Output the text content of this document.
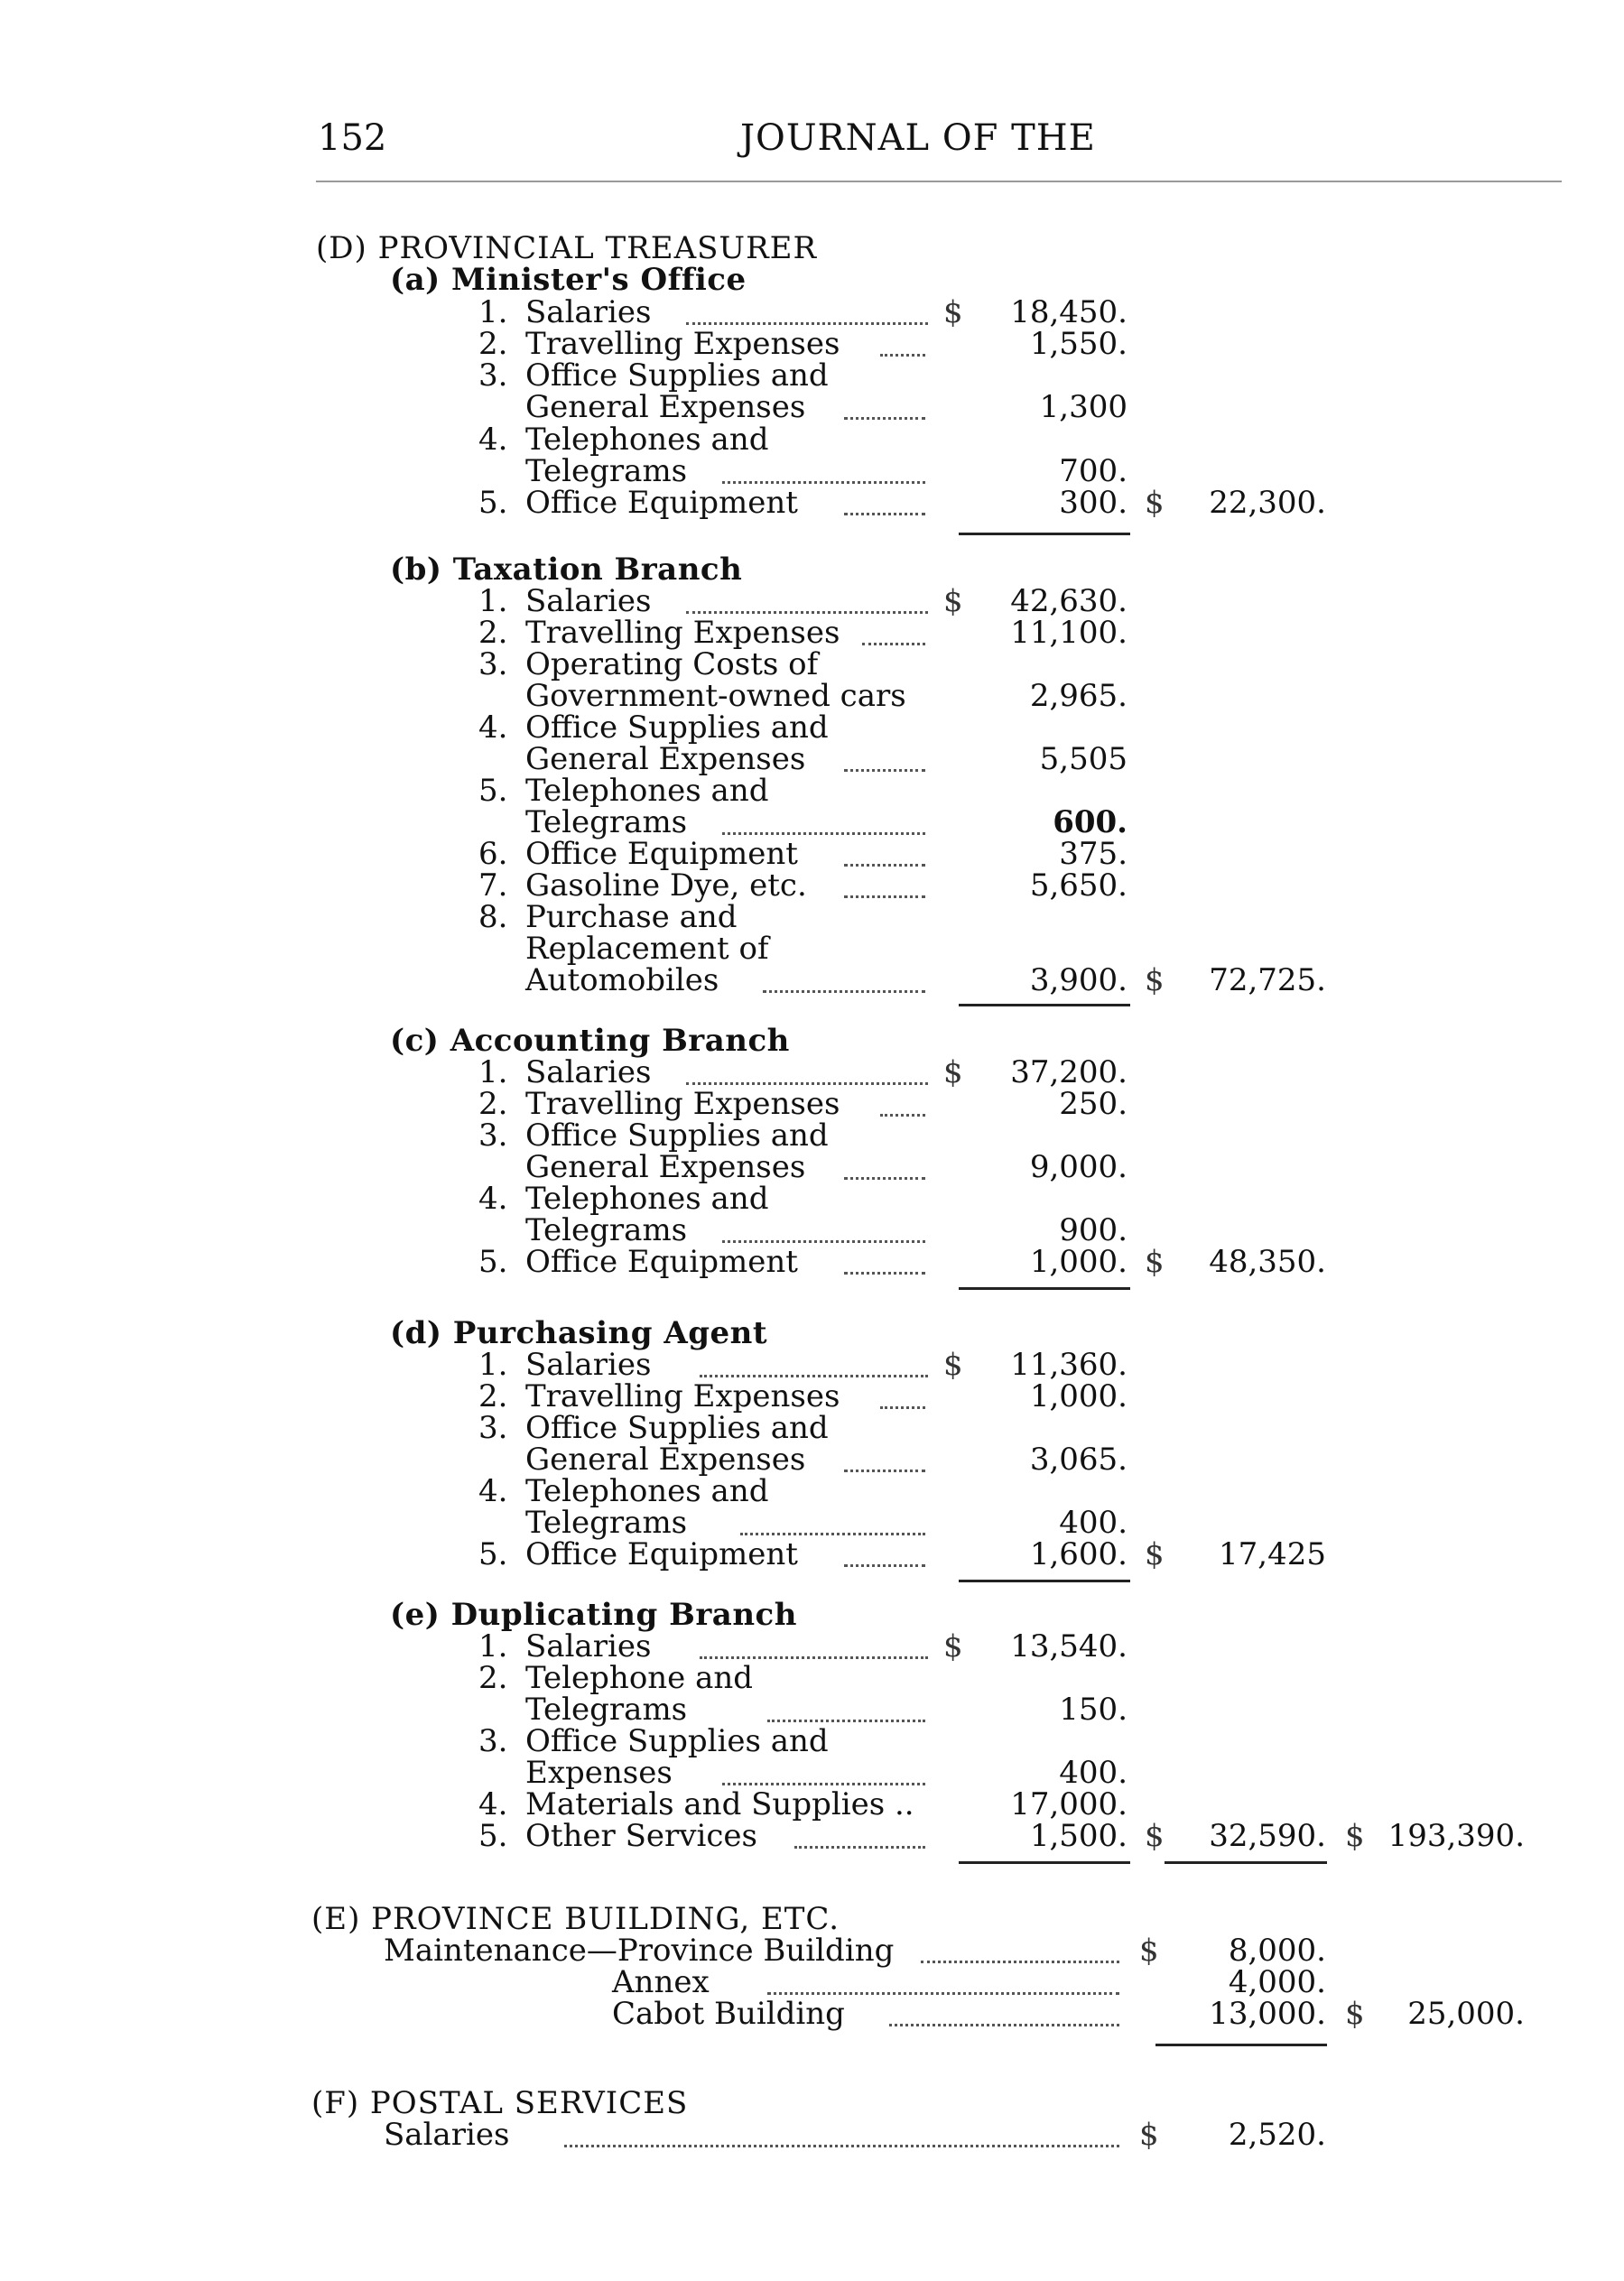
152	JOURNAL OF THE
(D) PROVINCIAL TREASURER
(a) Minister's Office
1. Salaries	$ 18,450.
2. Travelling Expenses	1,550.
3. Office Supplies and
General Expenses	1,300
4. Telephones and
Telegrams	700.
5. Office Equipment	300. $ 22,300.
(b) Taxation Branch
1. Salaries	$ 42,630.
2. Travelling Expenses	11,100.
3. Operating Costs of
Government-owned cars	2,965.
4. Office Supplies and
General Expenses	5,505
5. Telephones and
Telegrams	600.
6. Office Equipment	375.
7. Gasoline Dye, etc.	5,650.
8. Purchase and
Replacement of
Automobiles	3,900. $ 72,725.
(c) Accounting Branch
1. Salaries	$ 37,200.
2. Travelling Expenses	250.
3. Office Supplies and
General Expenses	9,000.
4. Telephones and
Telegrams	900.
5. Office Equipment	1,000. $ 48,350.
(d) Purchasing Agent
1. Salaries	$ 11,360.
2. Travelling Expenses	1,000.
3. Office Supplies and
General Expenses	3,065.
4. Telephones and
Telegrams	400.
5. Office Equipment	1,600. $ 17,425
(e) Duplicating Branch
1. Salaries	$ 13,540.
2. Telephone and
Telegrams	150.
3. Office Supplies and
Expenses	400.
4. Materials and Supplies ..	17,000.
5. Other Services	1,500. $ 32,590. $ 193,390.
(E) PROVINCE BUILDING, ETC.
Maintenance—Province Building	$ 8,000.
Annex	4,000.
Cabot Building	13,000. $ 25,000.
(F) POSTAL SERVICES
Salaries	$ 2,520.
